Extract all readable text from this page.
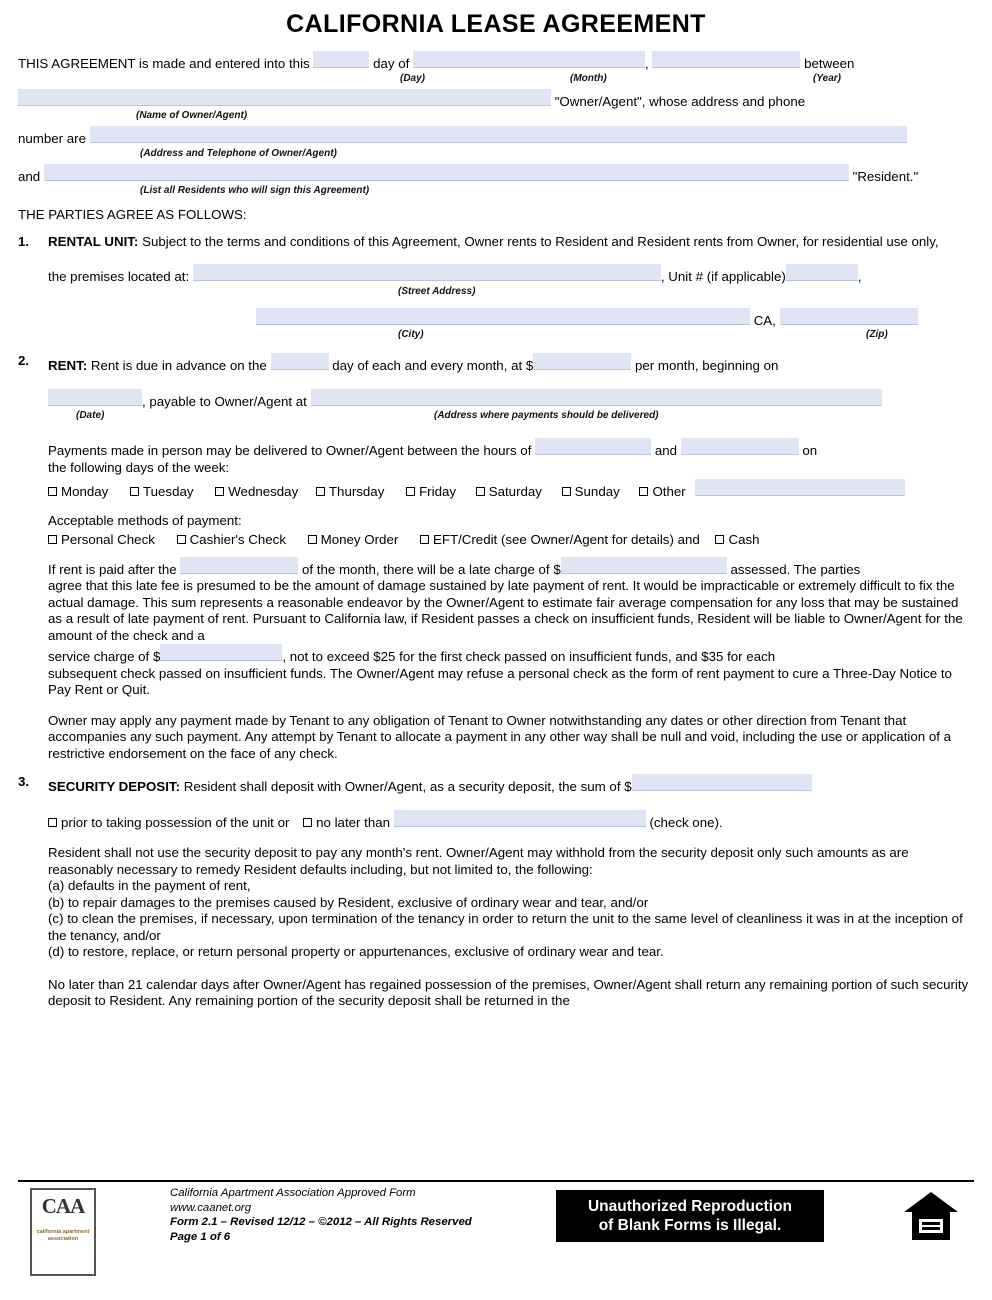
CALIFORNIA LEASE AGREEMENT
THIS AGREEMENT is made and entered into this	day of	,	between
(Day)	(Month)	(Year)
"Owner/Agent", whose address and phone
(Name of Owner/Agent)
number are
(Address and Telephone of Owner/Agent)
and	"Resident."
(List all Residents who will sign this Agreement)
THE PARTIES AGREE AS FOLLOWS:
1.	RENTAL UNIT: Subject to the terms and conditions of this Agreement, Owner rents to Resident and Resident rents from Owner, for residential use only,
the premises located at:	, Unit # (if applicable)	,
(Street Address)
CA,
(City)	(Zip)
2.	RENT: Rent is due in advance on the	day of each and every month, at $	per month, beginning on
, payable to Owner/Agent at
(Date)	(Address where payments should be delivered)
Payments made in person may be delivered to Owner/Agent between the hours of	and	on
the following days of the week:
Monday	Tuesday	Wednesday Thursday	Friday Saturday Sunday Other
Acceptable methods of payment:
Personal Check	Cashier's Check	Money Order	EFT/Credit (see Owner/Agent for details) and Cash
If rent is paid after the	of the month, there will be a late charge of $	assessed. The parties
agree that this late fee is presumed to be the amount of damage sustained by late payment of rent. It would be impracticable or extremely difficult to fix the actual damage. This sum represents a reasonable endeavor by the Owner/Agent to estimate fair average compensation for any loss that may be sustained as a result of late payment of rent. Pursuant to California law, if Resident passes a check on insufficient funds, Resident will be liable to Owner/Agent for the amount of the check and a
service charge of $	, not to exceed $25 for the first check passed on insufficient funds, and $35 for each
subsequent check passed on insufficient funds. The Owner/Agent may refuse a personal check as the form of rent payment to cure a Three-Day Notice to Pay Rent or Quit.
Owner may apply any payment made by Tenant to any obligation of Tenant to Owner notwithstanding any dates or other direction from Tenant that accompanies any such payment. Any attempt by Tenant to allocate a payment in any other way shall be null and void, including the use or application of a restrictive endorsement on the face of any check.
3.	SECURITY DEPOSIT: Resident shall deposit with Owner/Agent, as a security deposit, the sum of $
prior to taking possession of the unit or no later than	(check one).
Resident shall not use the security deposit to pay any month's rent. Owner/Agent may withhold from the security deposit only such amounts as are reasonably necessary to remedy Resident defaults including, but not limited to, the following:
(a) defaults in the payment of rent,
(b) to repair damages to the premises caused by Resident, exclusive of ordinary wear and tear, and/or
(c) to clean the premises, if necessary, upon termination of the tenancy in order to return the unit to the same level of cleanliness it was in at the inception of the tenancy, and/or
(d) to restore, replace, or return personal property or appurtenances, exclusive of ordinary wear and tear.
No later than 21 calendar days after Owner/Agent has regained possession of the premises, Owner/Agent shall return any remaining portion of such security deposit to Resident. Any remaining portion of the security deposit shall be returned in the
CAA
california apartment association
California Apartment Association Approved Form
www.caanet.org
Form 2.1 – Revised 12/12 – ©2012 – All Rights Reserved
Page 1 of 6
Unauthorized Reproduction
of Blank Forms is Illegal.
